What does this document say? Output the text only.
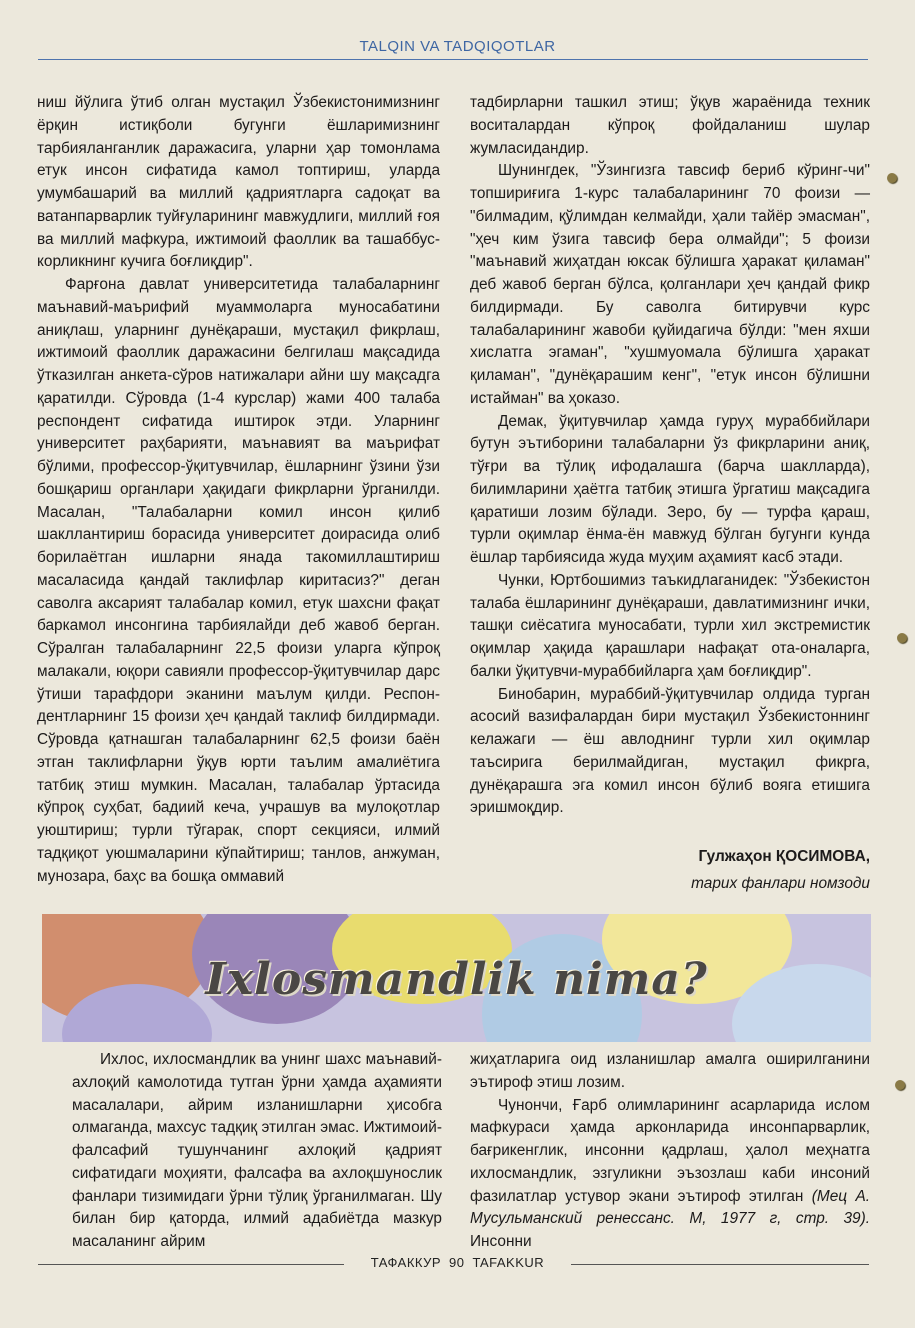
TALQIN VA TADQIQOTLAR

ниш йўлига ўтиб олган мустақил Ўзбекистонимизнинг ёрқин истиқболи бугунги ёшларимизнинг тарбияланганлик даражасига, уларни ҳар томонлама етук инсон сифатида камол топтириш, уларда умумбашарий ва миллий қадриятларга садоқат ва ватанпарварлик туйғуларининг мавжудлиги, миллий ғоя ва миллий мафкура, ижтимоий фаоллик ва ташаббускорликнинг кучига боғлиқдир".

Фарғона давлат университетида талабаларнинг маънавий-маърифий муаммоларга муносабатини аниқлаш, уларнинг дунёқараши, мустақил фикрлаш, ижтимоий фаоллик даражасини белгилаш мақсадида ўтказилган анкета-сўров натижалари айни шу мақсадга қаратилди. Сўровда (1-4 курслар) жами 400 талаба респондент сифатида иштирок этди. Уларнинг университет раҳбарияти, маънавият ва маърифат бўлими, профессор-ўқитувчилар, ёшларнинг ўзини ўзи бошқариш органлари ҳақидаги фикрларни ўрганилди. Масалан, "Талабаларни комил инсон қилиб шакллантириш борасида университет доирасида олиб борилаётган ишларни янада такомиллаштириш масаласида қандай таклифлар киритасиз?" деган саволга аксарият талабалар комил, етук шахсни фақат баркамол инсонгина тарбиялайди деб жавоб берган. Сўралган талабаларнинг 22,5 фоизи уларга кўпроқ малакали, юқори савияли профессор-ўқитувчилар дарс ўтиши тарафдори эканини маълум қилди. Респондентларнинг 15 фоизи ҳеч қандай таклиф билдирмади. Сўровда қатнашган талабаларнинг 62,5 фоизи баён этган таклифларни ўқув юрти таълим амалиётига татбиқ этиш мумкин. Масалан, талабалар ўртасида кўпроқ суҳбат, бадиий кеча, учрашув ва мулоқотлар уюштириш; турли тўгарак, спорт секцияси, илмий тадқиқот уюшмаларини кўпайтириш; танлов, анжуман, мунозара, баҳс ва бошқа оммавий

тадбирларни ташкил этиш; ўқув жараёнида техник воситалардан кўпроқ фойдаланиш шулар жумласидандир.

Шунингдек, "Ўзингизга тавсиф бериб кўринг-чи" топшириғига 1-курс талабаларининг 70 фоизи — "билмадим, қўлимдан келмайди, ҳали тайёр эмасман", "ҳеч ким ўзига тавсиф бера олмайди"; 5 фоизи "маънавий жиҳатдан юксак бўлишга ҳаракат қиламан" деб жавоб берган бўлса, қолганлари ҳеч қандай фикр билдирмади. Бу саволга битирувчи курс талабаларининг жавоби қуйидагича бўлди: "мен яхши хислатга эгаман", "хушмуомала бўлишга ҳаракат қиламан", "дунёқарашим кенг", "етук инсон бўлишни истайман" ва ҳоказо.

Демак, ўқитувчилар ҳамда гуруҳ мураббийлари бутун эътиборини талабаларни ўз фикрларини аниқ, тўғри ва тўлиқ ифодалашга (барча шаклларда), билимларини ҳаётга татбиқ этишга ўргатиш мақсадига қаратиши лозим бўлади. Зеро, бу — турфа қараш, турли оқимлар ёнма-ён мавжуд бўлган бугунги кунда ёшлар тарбиясида жуда муҳим аҳамият касб этади.

Чунки, Юртбошимиз таъкидлаганидек: "Ўзбекистон талаба ёшларининг дунёқараши, давлатимизнинг ички, ташқи сиёсатига муносабати, турли хил экстремистик оқимлар ҳақида қарашлари нафақат ота-оналарга, балки ўқитувчи-мураббийларга ҳам боғлиқдир".

Бинобарин, мураббий-ўқитувчилар олдида турган асосий вазифалардан бири мустақил Ўзбекистоннинг келажаги — ёш авлоднинг турли хил оқимлар таъсирига берилмайдиган, мустақил фикрга, дунёқарашга эга комил инсон бўлиб вояга етишига эришмоқдир.

Гулжаҳон ҚОСИМОВА,
тарих фанлари номзоди
Ixlosmandlik nima?

Ихлос, ихлосмандлик ва унинг шахс маънавий-ахлоқий камолотида тутган ўрни ҳамда аҳамияти масалалари, айрим изланишларни ҳисобга олмаганда, махсус тадқиқ этилган эмас. Ижтимоий-фалсафий тушунчанинг ахлоқий қадрият сифатидаги моҳияти, фалсафа ва ахлоқшунослик фанлари тизимидаги ўрни тўлиқ ўрганилмаган. Шу билан бир қаторда, илмий адабиётда мазкур масаланинг айрим

жиҳатларига оид изланишлар амалга оширилганини эътироф этиш лозим.

Чунончи, Ғарб олимларининг асарларида ислом мафкураси ҳамда арконларида инсонпарварлик, бағрикенглик, инсонни қадрлаш, ҳалол меҳнатга ихлосмандлик, эзгуликни эъзозлаш каби инсоний фазилатлар устувор экани эътироф этилган (Мец А. Мусульманский ренессанс. М, 1977 г, стр. 39). Инсонни

ТАФАККУР 90 TAFAKKUR
